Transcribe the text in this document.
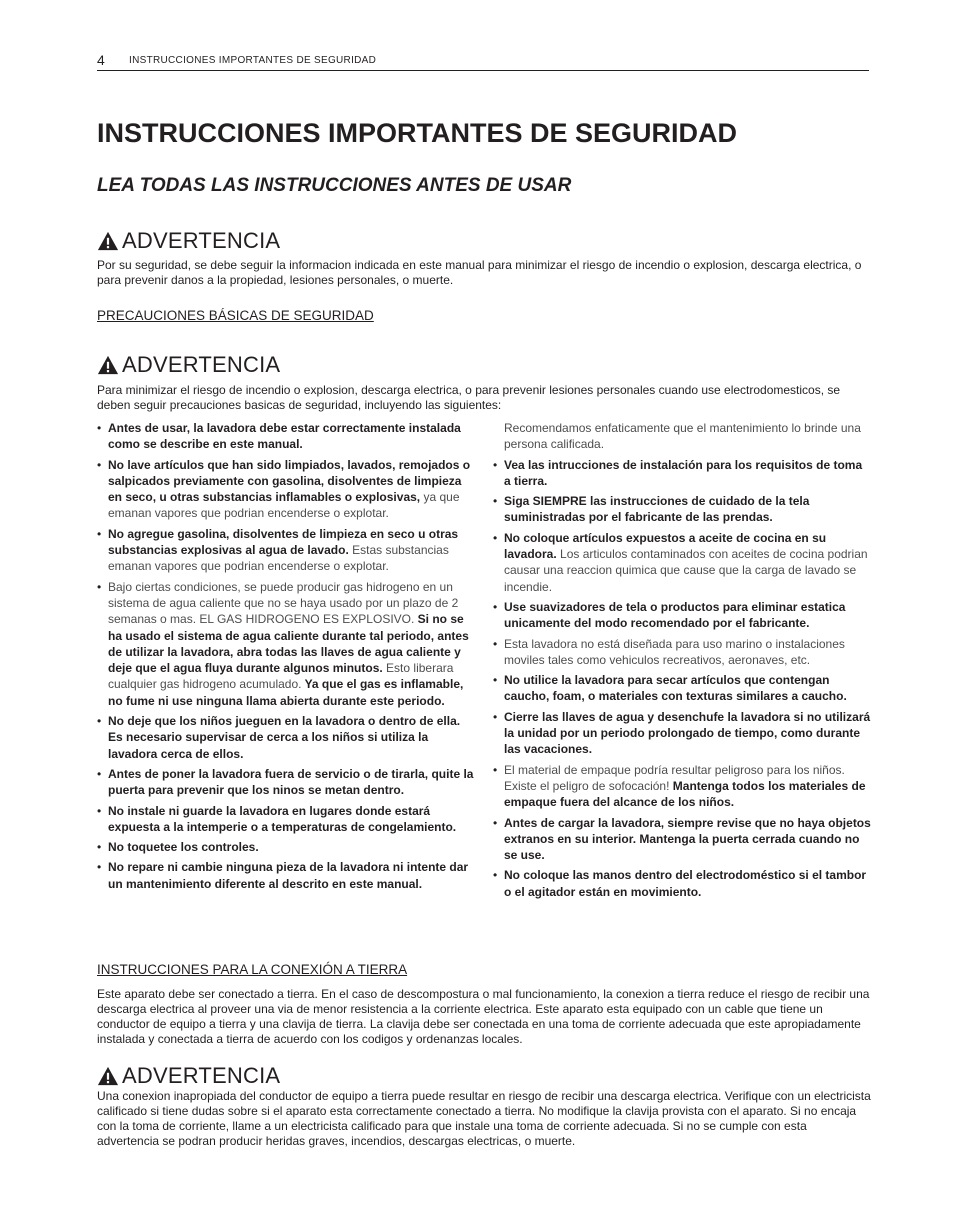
4 INSTRUCCIONES IMPORTANTES DE SEGURIDAD
INSTRUCCIONES IMPORTANTES DE SEGURIDAD
LEA TODAS LAS INSTRUCCIONES ANTES DE USAR
ADVERTENCIA

Por su seguridad, se debe seguir la informacion indicada en este manual para minimizar el riesgo de incendio o explosion, descarga electrica, o para prevenir danos a la propiedad, lesiones personales, o muerte.

PRECAUCIONES BÁSICAS DE SEGURIDAD

ADVERTENCIA

Para minimizar el riesgo de incendio o explosion, descarga electrica, o para prevenir lesiones personales cuando use electrodomesticos, se deben seguir precauciones basicas de seguridad, incluyendo las siguientes:

• Antes de usar, la lavadora debe estar correctamente instalada como se describe en este manual.
• No lave artículos que han sido limpiados, lavados, remojados o salpicados previamente con gasolina, disolventes de limpieza en seco, u otras substancias inflamables o explosivas, ya que emanan vapores que podrian encenderse o explotar.
• No agregue gasolina, disolventes de limpieza en seco u otras substancias explosivas al agua de lavado. Estas substancias emanan vapores que podrian encenderse o explotar.
• Bajo ciertas condiciones, se puede producir gas hidrogeno en un sistema de agua caliente que no se haya usado por un plazo de 2 semanas o mas. EL GAS HIDROGENO ES EXPLOSIVO. Si no se ha usado el sistema de agua caliente durante tal periodo, antes de utilizar la lavadora, abra todas las llaves de agua caliente y deje que el agua fluya durante algunos minutos. Esto liberara cualquier gas hidrogeno acumulado. Ya que el gas es inflamable, no fume ni use ninguna llama abierta durante este periodo.
• No deje que los niños jueguen en la lavadora o dentro de ella. Es necesario supervisar de cerca a los niños si utiliza la lavadora cerca de ellos.
• Antes de poner la lavadora fuera de servicio o de tirarla, quite la puerta para prevenir que los ninos se metan dentro.
• No instale ni guarde la lavadora en lugares donde estará expuesta a la intemperie o a temperaturas de congelamiento.
• No toquetee los controles.
• No repare ni cambie ninguna pieza de la lavadora ni intente dar un mantenimiento diferente al descrito en este manual.
Recomendamos enfaticamente que el mantenimiento lo brinde una persona calificada.
• Vea las intrucciones de instalación para los requisitos de toma a tierra.
• Siga SIEMPRE las instrucciones de cuidado de la tela suministradas por el fabricante de las prendas.
• No coloque artículos expuestos a aceite de cocina en su lavadora. Los articulos contaminados con aceites de cocina podrian causar una reaccion quimica que cause que la carga de lavado se incendie.
• Use suavizadores de tela o productos para eliminar estatica unicamente del modo recomendado por el fabricante.
• Esta lavadora no está diseñada para uso marino o instalaciones moviles tales como vehiculos recreativos, aeronaves, etc.
• No utilice la lavadora para secar artículos que contengan caucho, foam, o materiales con texturas similares a caucho.
• Cierre las llaves de agua y desenchufe la lavadora si no utilizará la unidad por un periodo prolongado de tiempo, como durante las vacaciones.
• El material de empaque podría resultar peligroso para los niños. Existe el peligro de sofocación! Mantenga todos los materiales de empaque fuera del alcance de los niños.
• Antes de cargar la lavadora, siempre revise que no haya objetos extranos en su interior. Mantenga la puerta cerrada cuando no se use.
• No coloque las manos dentro del electrodoméstico si el tambor o el agitador están en movimiento.

INSTRUCCIONES PARA LA CONEXIÓN A TIERRA

Este aparato debe ser conectado a tierra. En el caso de descompostura o mal funcionamiento, la conexion a tierra reduce el riesgo de recibir una descarga electrica al proveer una via de menor resistencia a la corriente electrica. Este aparato esta equipado con un cable que tiene un conductor de equipo a tierra y una clavija de tierra. La clavija debe ser conectada en una toma de corriente adecuada que este apropiadamente instalada y conectada a tierra de acuerdo con los codigos y ordenanzas locales.

ADVERTENCIA

Una conexion inapropiada del conductor de equipo a tierra puede resultar en riesgo de recibir una descarga electrica. Verifique con un electricista calificado si tiene dudas sobre si el aparato esta correctamente conectado a tierra. No modifique la clavija provista con el aparato. Si no encaja con la toma de corriente, llame a un electricista calificado para que instale una toma de corriente adecuada. Si no se cumple con esta advertencia se podran producir heridas graves, incendios, descargas electricas, o muerte.
